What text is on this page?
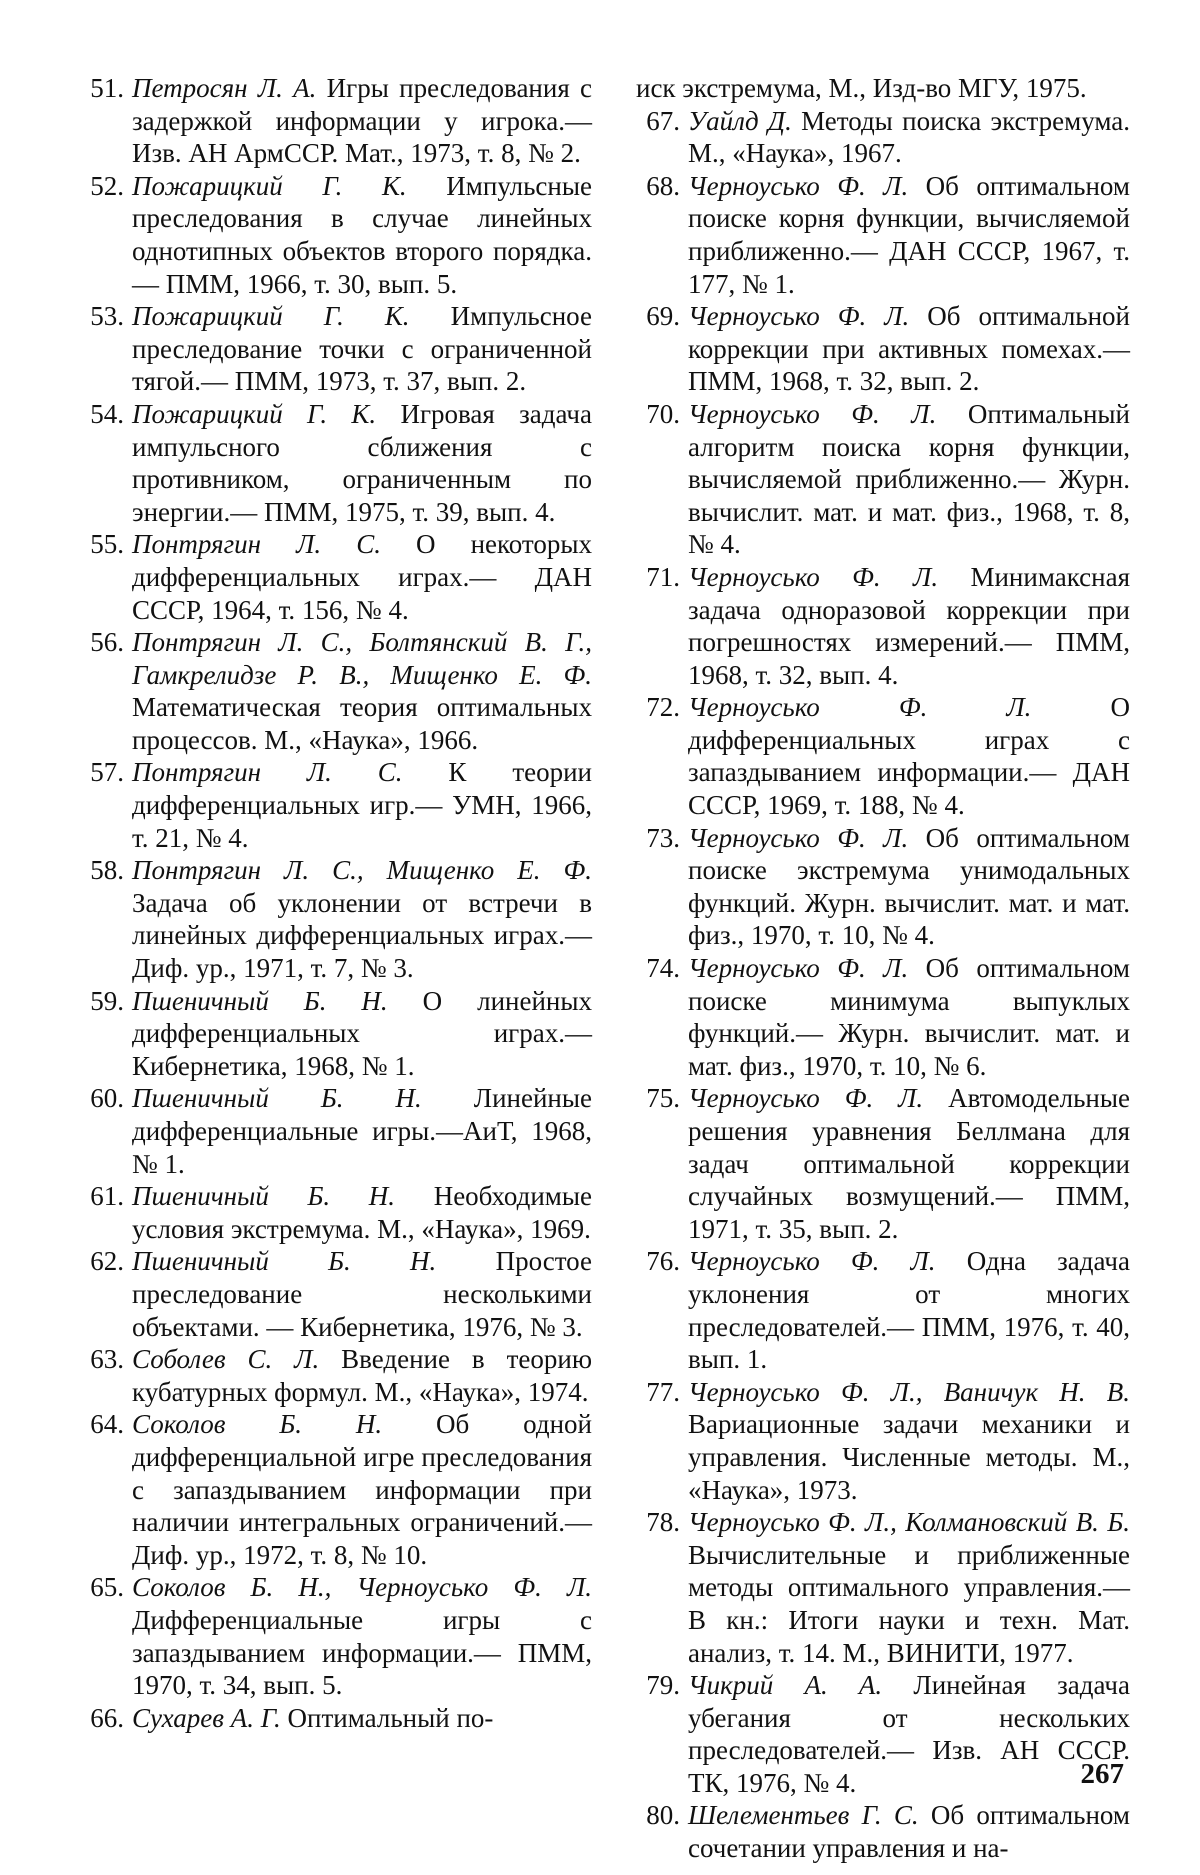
51. Петросян Л. А. Игры преследования с задержкой информации у игрока.— Изв. АН АрмССР. Мат., 1973, т. 8, № 2.
52. Пожарицкий Г. К. Импульсные преследования в случае линейных однотипных объектов второго порядка.— ПММ, 1966, т. 30, вып. 5.
53. Пожарицкий Г. К. Импульсное преследование точки с ограниченной тягой.— ПММ, 1973, т. 37, вып. 2.
54. Пожарицкий Г. К. Игровая задача импульсного сближения с противником, ограниченным по энергии.— ПММ, 1975, т. 39, вып. 4.
55. Понтрягин Л. С. О некоторых дифференциальных играх.— ДАН СССР, 1964, т. 156, № 4.
56. Понтрягин Л. С., Болтянский В. Г., Гамкрелидзе Р. В., Мищенко Е. Ф. Математическая теория оптимальных процессов. М., «Наука», 1966.
57. Понтрягин Л. С. К теории дифференциальных игр.— УМН, 1966, т. 21, № 4.
58. Понтрягин Л. С., Мищенко Е. Ф. Задача об уклонении от встречи в линейных дифференциальных играх.— Диф. ур., 1971, т. 7, № 3.
59. Пшеничный Б. Н. О линейных дифференциальных играх.— Кибернетика, 1968, № 1.
60. Пшеничный Б. Н. Линейные дифференциальные игры.—АиТ, 1968, № 1.
61. Пшеничный Б. Н. Необходимые условия экстремума. М., «Наука», 1969.
62. Пшеничный Б. Н. Простое преследование несколькими объектами. — Кибернетика, 1976, № 3.
63. Соболев С. Л. Введение в теорию кубатурных формул. М., «Наука», 1974.
64. Соколов Б. Н. Об одной дифференциальной игре преследования с запаздыванием информации при наличии интегральных ограничений.— Диф. ур., 1972, т. 8, № 10.
65. Соколов Б. Н., Черноусько Ф. Л. Дифференциальные игры с запаздыванием информации.— ПММ, 1970, т. 34, вып. 5.
66. Сухарев А. Г. Оптимальный по-
иск экстремума, М., Изд-во МГУ, 1975.
67. Уайлд Д. Методы поиска экстремума. М., «Наука», 1967.
68. Черноусько Ф. Л. Об оптимальном поиске корня функции, вычисляемой приближенно.— ДАН СССР, 1967, т. 177, № 1.
69. Черноусько Ф. Л. Об оптимальной коррекции при активных помехах.— ПММ, 1968, т. 32, вып. 2.
70. Черноусько Ф. Л. Оптимальный алгоритм поиска корня функции, вычисляемой приближенно.— Журн. вычислит. мат. и мат. физ., 1968, т. 8, № 4.
71. Черноусько Ф. Л. Минимаксная задача одноразовой коррекции при погрешностях измерений.— ПММ, 1968, т. 32, вып. 4.
72. Черноусько Ф. Л. О дифференциальных играх с запаздыванием информации.— ДАН СССР, 1969, т. 188, № 4.
73. Черноусько Ф. Л. Об оптимальном поиске экстремума унимодальных функций. Журн. вычислит. мат. и мат. физ., 1970, т. 10, № 4.
74. Черноусько Ф. Л. Об оптимальном поиске минимума выпуклых функций.— Журн. вычислит. мат. и мат. физ., 1970, т. 10, № 6.
75. Черноусько Ф. Л. Автомодельные решения уравнения Беллмана для задач оптимальной коррекции случайных возмущений.— ПММ, 1971, т. 35, вып. 2.
76. Черноусько Ф. Л. Одна задача уклонения от многих преследователей.— ПММ, 1976, т. 40, вып. 1.
77. Черноусько Ф. Л., Ваничук Н. В. Вариационные задачи механики и управления. Численные методы. М., «Наука», 1973.
78. Черноусько Ф. Л., Колмановский В. Б. Вычислительные и приближенные методы оптимального управления.— В кн.: Итоги науки и техн. Мат. анализ, т. 14. М., ВИНИТИ, 1977.
79. Чикрий А. А. Линейная задача убегания от нескольких преследователей.— Изв. АН СССР. ТК, 1976, № 4.
80. Шелементьев Г. С. Об оптимальном сочетании управления и на-
267
